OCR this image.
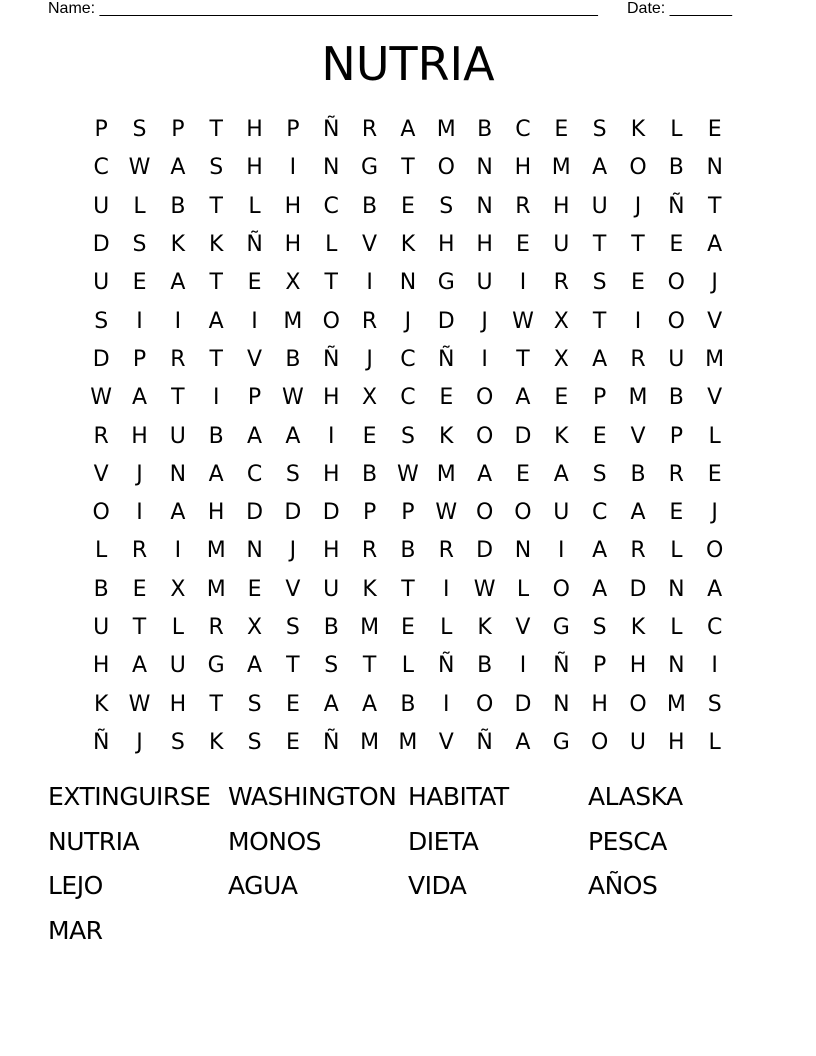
Name: ________________________________________________________ Date: _______
NUTRIA
P	S	P	T	H	P	Ñ	R	A M B	C	E	S	K	L	E
C W A	S	H	I	N G	T	O N H M A	O	B	N
U	L	B	T	L	H	C	B	E	S	N	R	H	U	J	Ñ	T
D	S	K	K	Ñ H	L	V	K	H H	E	U	T	T	E	A
U	E	A	T	E	X	T	I	N G U	I	R	S	E	O	J
S	I	I	A	I	M O	R	J	D	J	W X	T	I	O	V
D	P	R	T	V	B	Ñ	J	C	Ñ	I	T	X	A	R	U M
W A	T	I	P W H	X	C	E	O	A	E	P	M B	V
R	H	U	B	A	A	I	E	S	K	O D	K	E	V	P	L
V	J	N	A	C	S	H	B W M A	E	A	S	B	R	E
O	I	A	H D D D	P	P W O O U	C	A	E	J
L	R	I	M N	J	H	R	B	R	D N	I	A	R	L	O
B	E	X M E	V	U	K	T	I	W L	O	A	D N	A
U	T	L	R	X	S	B M E	L	K	V	G	S	K	L	C
H	A	U G	A	T	S	T	L	Ñ	B	I	Ñ	P	H N	I
K W H	T	S	E	A	A	B	I	O D N H O M S
Ñ	J	S	K	S	E	Ñ M M V	Ñ	A	G O U	H	L
EXTINGUIRSE WASHINGTON HABITAT	ALASKA
NUTRIA	MONOS	DIETA	PESCA
LEJO	AGUA	VIDA	AÑOS
MAR
